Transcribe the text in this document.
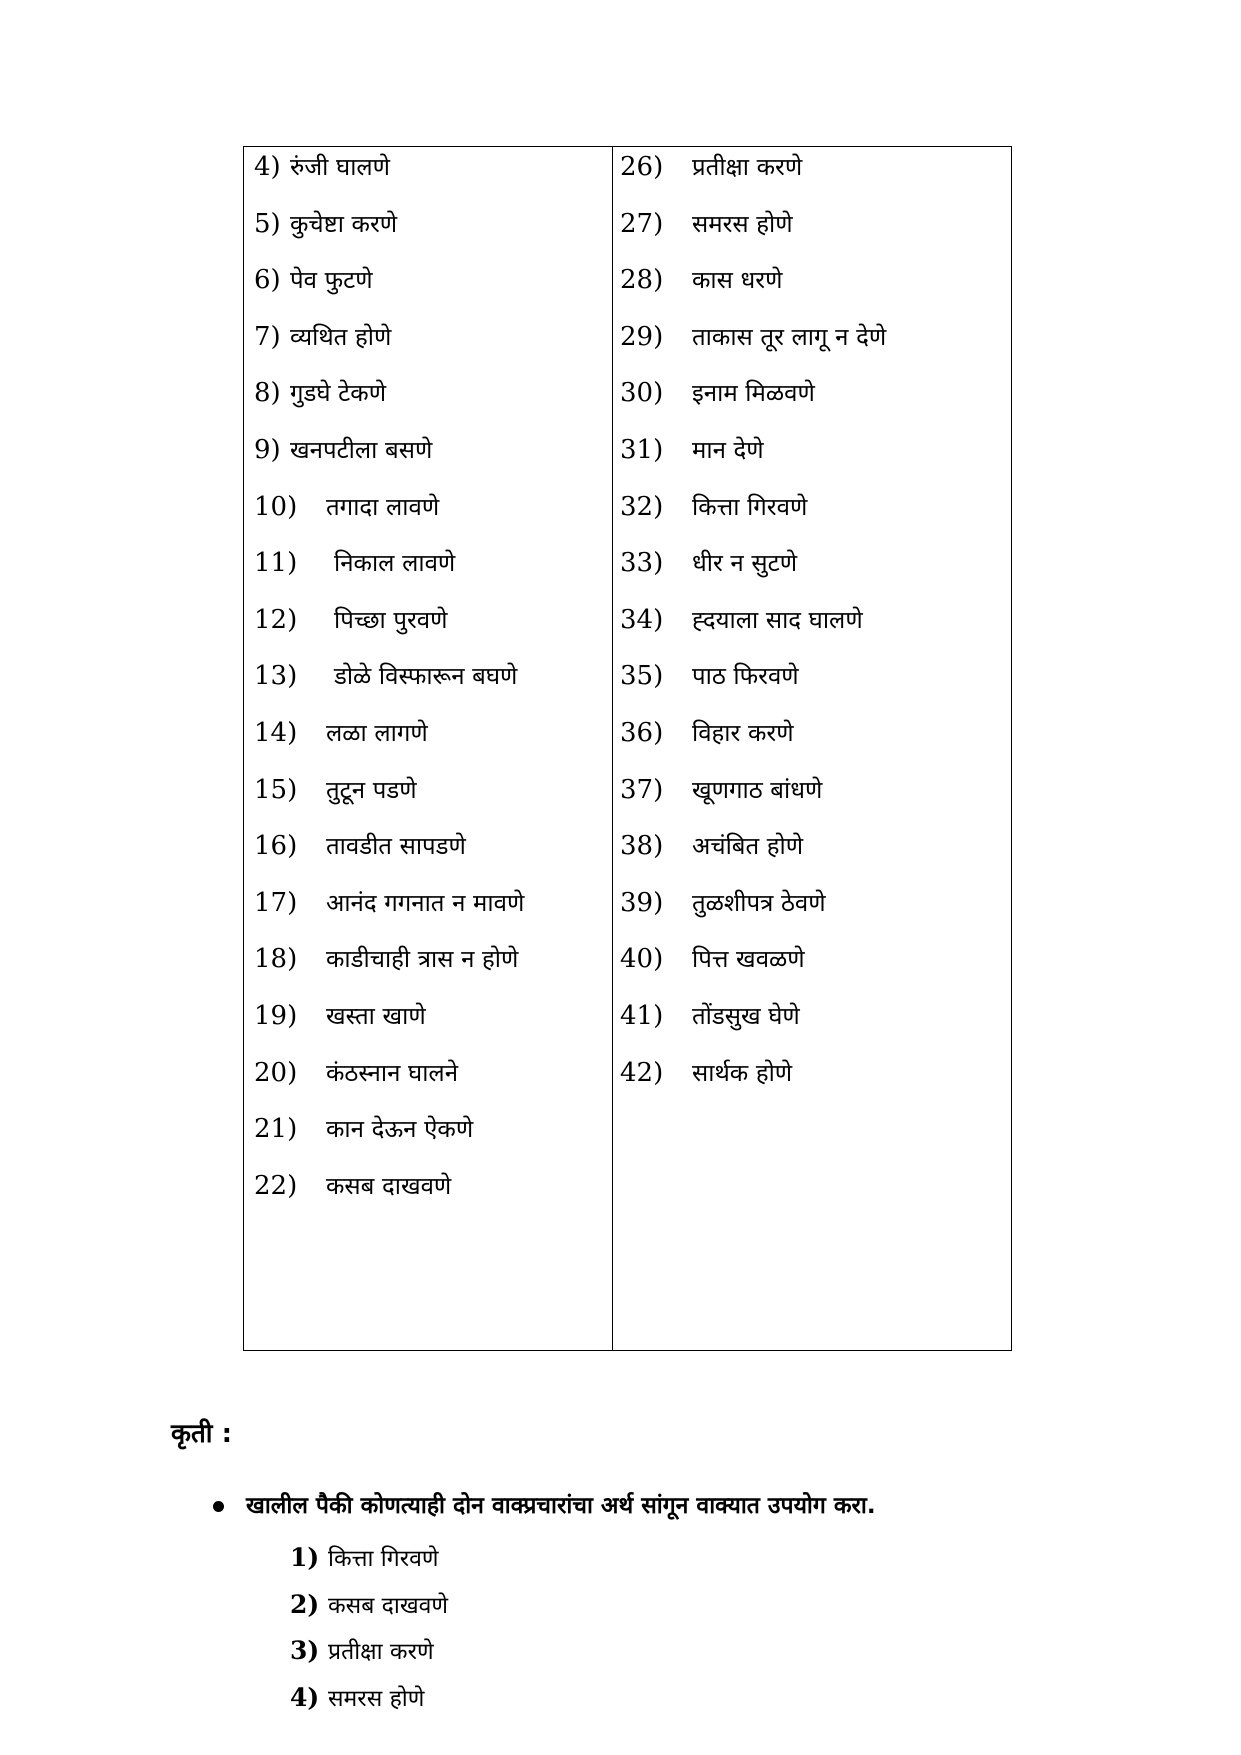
4) रुंजी घालणे
5) कुचेष्टा करणे
6) पेव फुटणे
7) व्यथित होणे
8) गुडघे टेकणे
9) खनपटीला बसणे
10) तगादा लावणे
11) निकाल लावणे
12) पिच्छा पुरवणे
13) डोळे विस्फारून बघणे
14) लळा लागणे
15) तुटून पडणे
16) तावडीत सापडणे
17) आनंद गगनात न मावणे
18) काडीचाही त्रास न होणे
19) खस्ता खाणे
20) कंठस्नान घालने
21) कान देऊन ऐकणे
22) कसब दाखवणे
26) प्रतीक्षा करणे
27) समरस होणे
28) कास धरणे
29) ताकास तूर लागू न देणे
30) इनाम मिळवणे
31) मान देणे
32) कित्ता गिरवणे
33) धीर न सुटणे
34) ह्दयाला साद घालणे
35) पाठ फिरवणे
36) विहार करणे
37) खूणगाठ बांधणे
38) अचंबित होणे
39) तुळशीपत्र ठेवणे
40) पित्त खवळणे
41) तोंडसुख घेणे
42) सार्थक होणे
कृती :
खालील पैकी कोणत्याही दोन वाक्प्रचारांचा अर्थ सांगून वाक्यात उपयोग करा.
1) कित्ता गिरवणे
2) कसब दाखवणे
3) प्रतीक्षा करणे
4) समरस होणे
